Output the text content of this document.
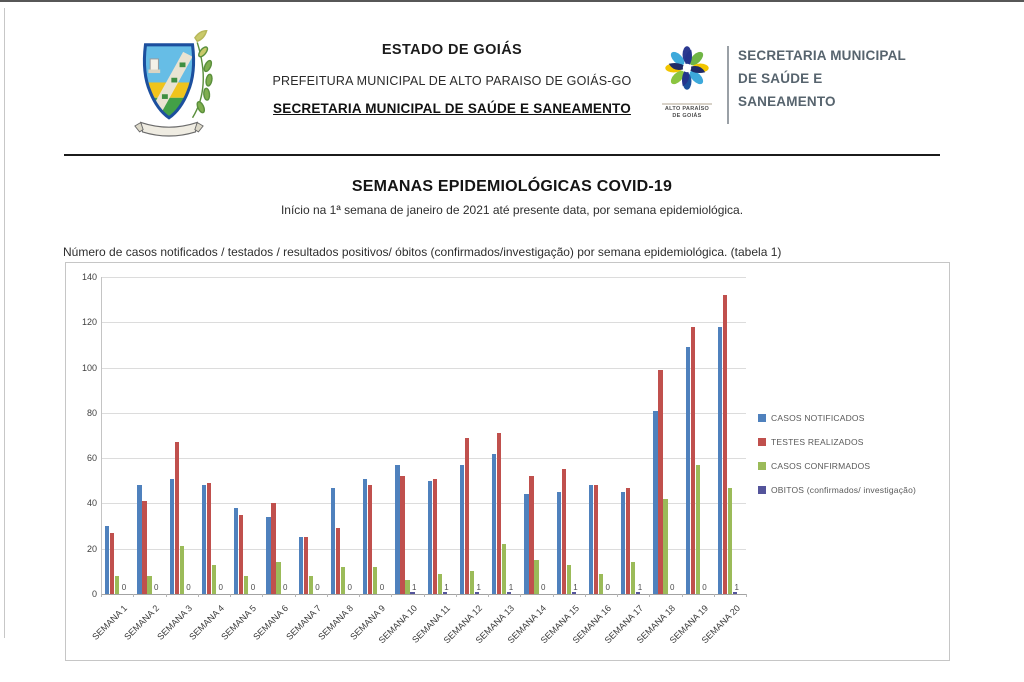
ESTADO DE GOIÁS

PREFEITURA MUNICIPAL DE ALTO PARAISO DE GOIÁS-GO

SECRETARIA MUNICIPAL DE SAÚDE E SANEAMENTO	ALTO PARAÍSO
DE GOIÁS
SECRETARIA MUNICIPAL
DE SAÚDE E
SANEAMENTO
SEMANAS EPIDEMIOLÓGICAS COVID-19
Início na 1ª semana de janeiro de 2021 até presente data, por semana epidemiológica.
Número de casos notificados / testados / resultados positivos/ óbitos (confirmados/investigação) por semana epidemiológica. (tabela 1)
0
20
40
60
80
100
120
140
0
SEMANA 1
0
SEMANA 2
0
SEMANA 3
0
SEMANA 4
0
SEMANA 5
0
SEMANA 6
0
SEMANA 7
0
SEMANA 8
0
SEMANA 9
1
SEMANA 10
1
SEMANA 11
1
SEMANA 12
1
SEMANA 13
0
SEMANA 14
1
SEMANA 15
0
SEMANA 16
1
SEMANA 17
0
SEMANA 18
0
SEMANA 19
1
SEMANA 20
CASOS NOTIFICADOS
TESTES REALIZADOS
CASOS CONFIRMADOS
OBITOS (confirmados/ investigação)
